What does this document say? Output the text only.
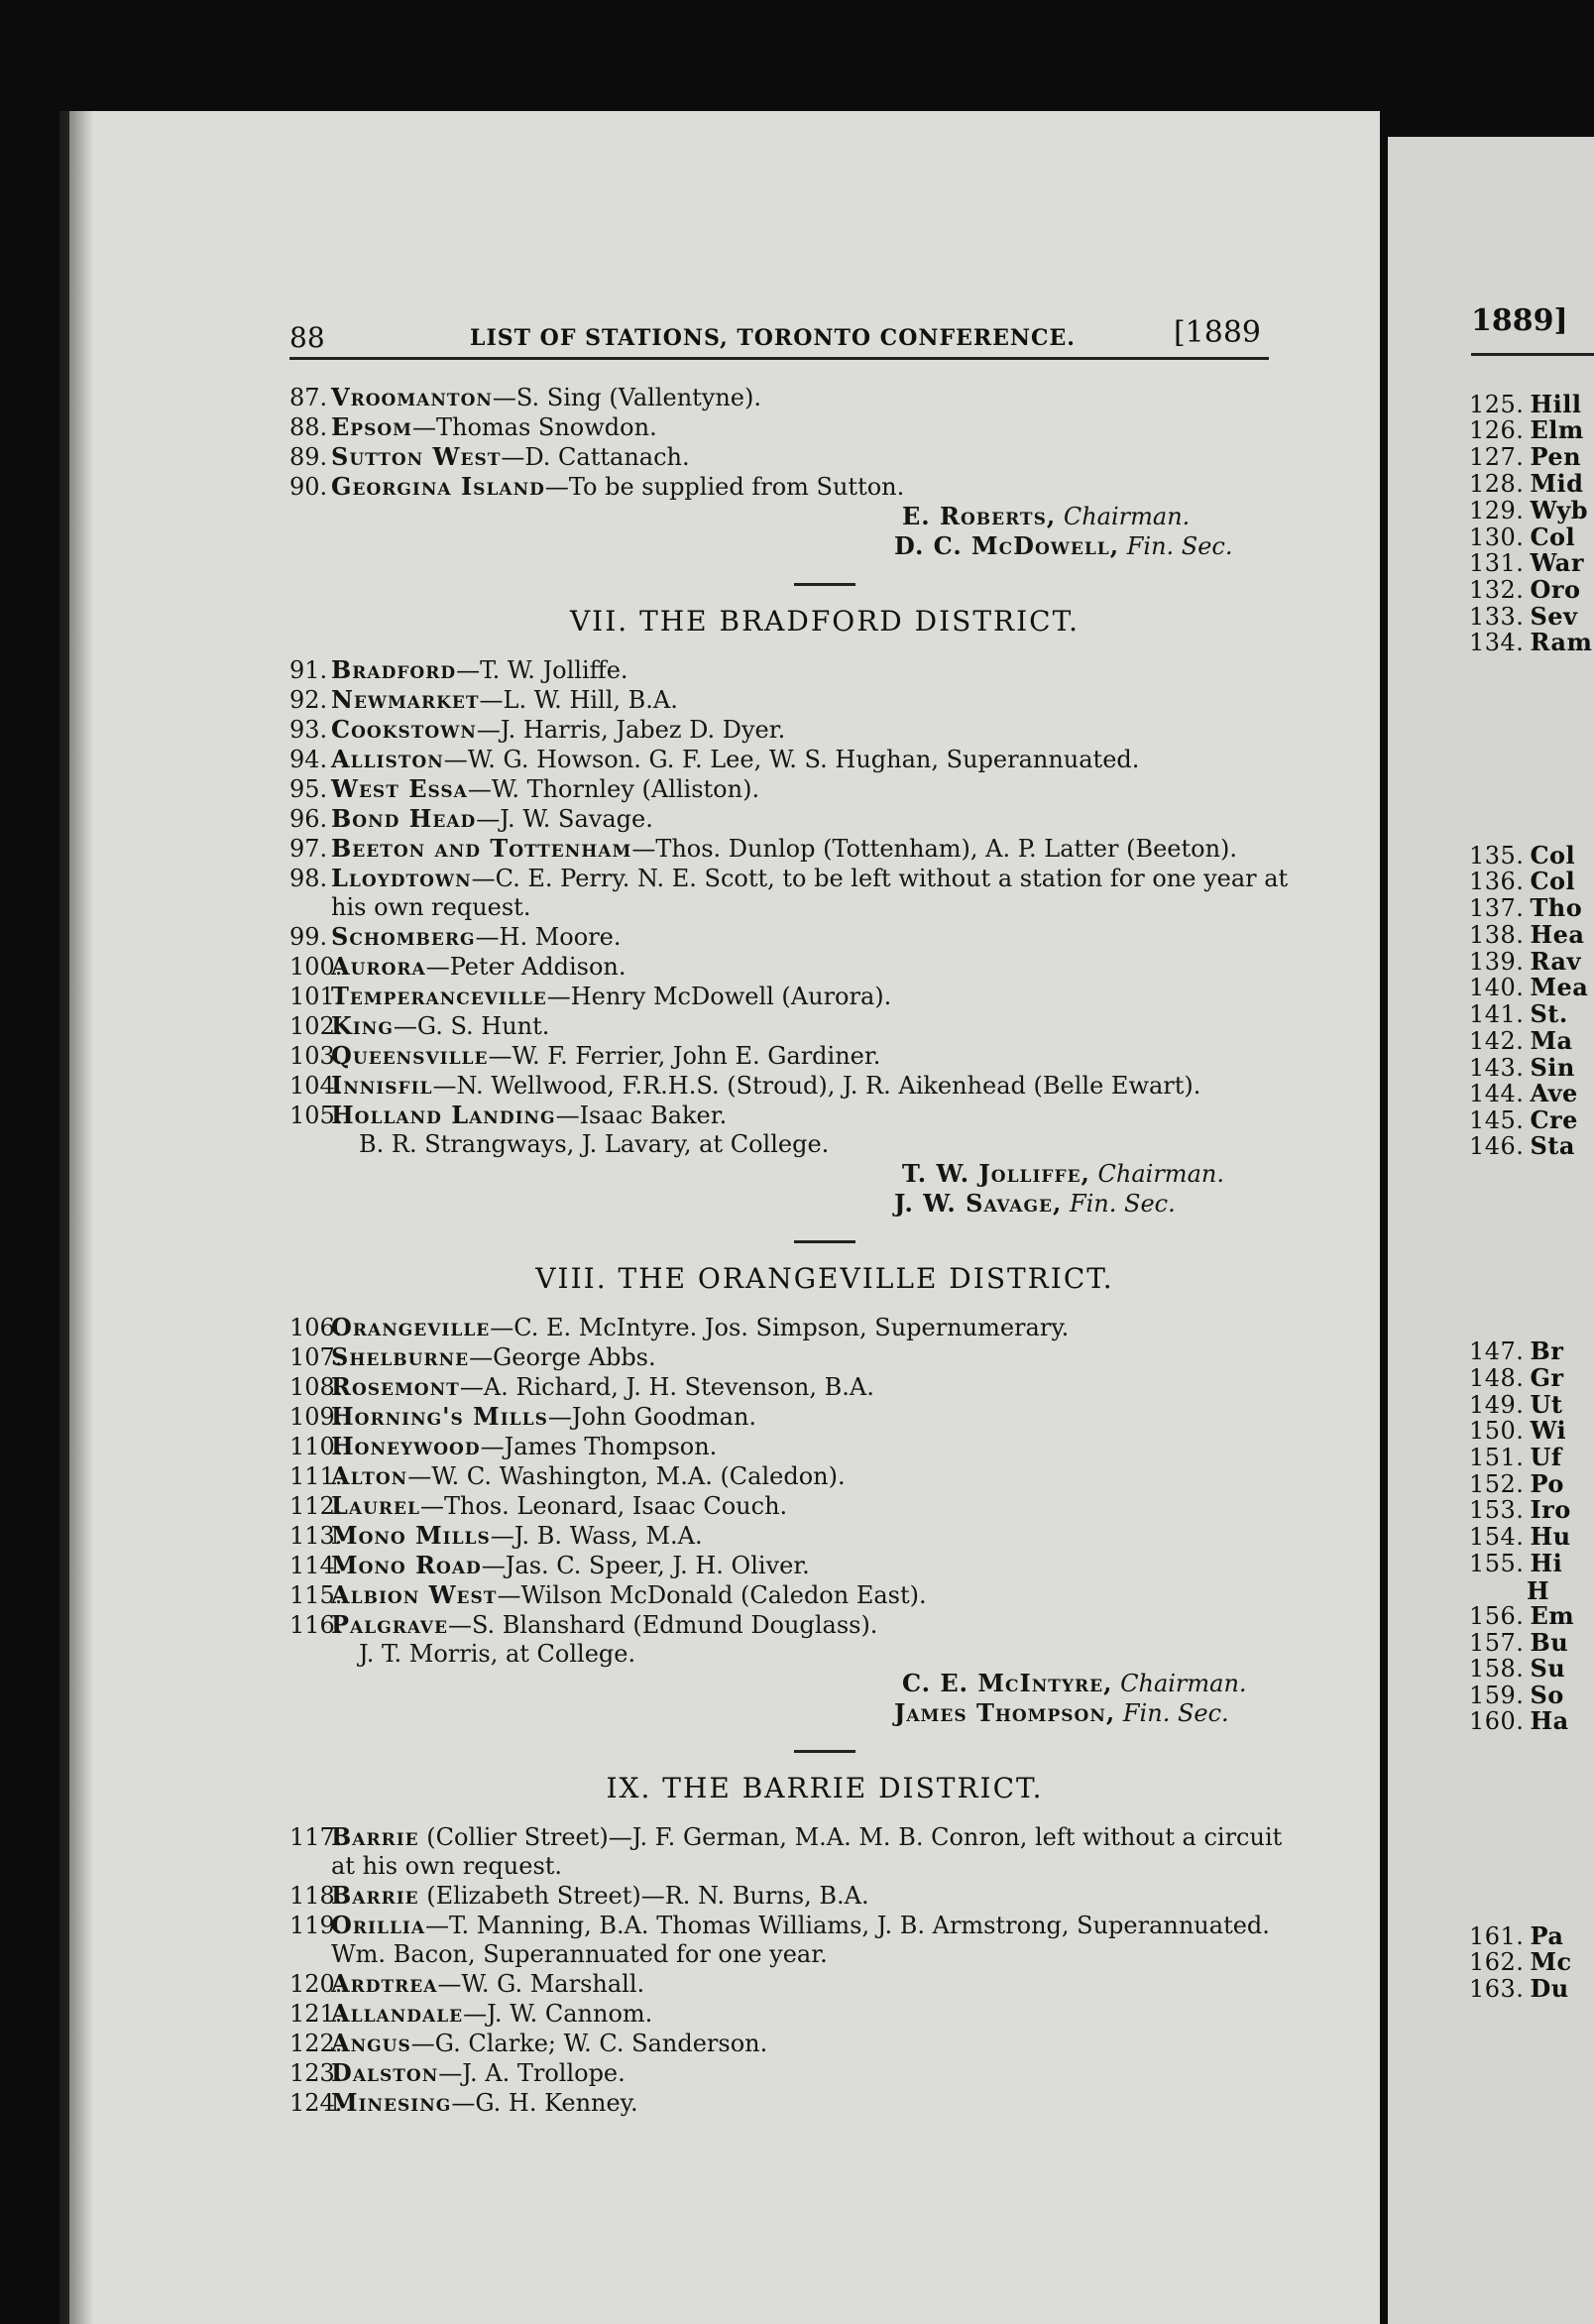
88	LIST OF STATIONS, TORONTO CONFERENCE.	[1889

87. Vroomanton—S. Sing (Vallentyne).

88. Epsom—Thomas Snowdon.

89. Sutton West—D. Cattanach.

90. Georgina Island—To be supplied from Sutton.

E. Roberts, Chairman.

D. C. McDowell, Fin. Sec.

VII. THE BRADFORD DISTRICT.

91. Bradford—T. W. Jolliffe.

92. Newmarket—L. W. Hill, B.A.

93. Cookstown—J. Harris, Jabez D. Dyer.

94. Alliston—W. G. Howson. G. F. Lee, W. S. Hughan, Superannuated.

95. West Essa—W. Thornley (Alliston).

96. Bond Head—J. W. Savage.

97. Beeton and Tottenham—Thos. Dunlop (Tottenham), A. P. Latter (Beeton).

98. Lloydtown—C. E. Perry. N. E. Scott, to be left without a station for one year at his own request.

99. Schomberg—H. Moore.

100.Aurora—Peter Addison.

101.Temperanceville—Henry McDowell (Aurora).

102.King—G. S. Hunt.

103.Queensville—W. F. Ferrier, John E. Gardiner.

104.Innisfil—N. Wellwood, F.R.H.S. (Stroud), J. R. Aikenhead (Belle Ewart).

105.Holland Landing—Isaac Baker.

B. R. Strangways, J. Lavary, at College.

T. W. Jolliffe, Chairman.

J. W. Savage, Fin. Sec.

VIII. THE ORANGEVILLE DISTRICT.

106.Orangeville—C. E. McIntyre. Jos. Simpson, Supernumerary.

107.Shelburne—George Abbs.

108.Rosemont—A. Richard, J. H. Stevenson, B.A.

109.Horning's Mills—John Goodman.

110.Honeywood—James Thompson.

111.Alton—W. C. Washington, M.A. (Caledon).

112.Laurel—Thos. Leonard, Isaac Couch.

113.Mono Mills—J. B. Wass, M.A.

114.Mono Road—Jas. C. Speer, J. H. Oliver.

115.Albion West—Wilson McDonald (Caledon East).

116.Palgrave—S. Blanshard (Edmund Douglass).

J. T. Morris, at College.

C. E. McIntyre, Chairman.

James Thompson, Fin. Sec.

IX. THE BARRIE DISTRICT.

117.Barrie (Collier Street)—J. F. German, M.A. M. B. Conron, left without a circuit at his own request.

118.Barrie (Elizabeth Street)—R. N. Burns, B.A.

119.Orillia—T. Manning, B.A. Thomas Williams, J. B. Armstrong, Superannuated. Wm. Bacon, Superannuated for one year.

120.Ardtrea—W. G. Marshall.

121.Allandale—J. W. Cannom.

122.Angus—G. Clarke; W. C. Sanderson.

123.Dalston—J. A. Trollope.

124.Minesing—G. H. Kenney.

1889]
125. Hill
126. Elm
127. Pen
128. Mid
129. Wyb
130. Col
131. War
132. Oro
133. Sev
134. Ram
135. Col
136. Col
137. Tho
138. Hea
139. Rav
140. Mea
141. St.
142. Ma
143. Sin
144. Ave
145. Cre
146. Sta
147. Br
148. Gr
149. Ut
150. Wi
151. Uf
152. Po
153. Iro
154. Hu
155. Hi
H
156. Em
157. Bu
158. Su
159. So
160. Ha
161. Pa
162. Mc
163. Du
